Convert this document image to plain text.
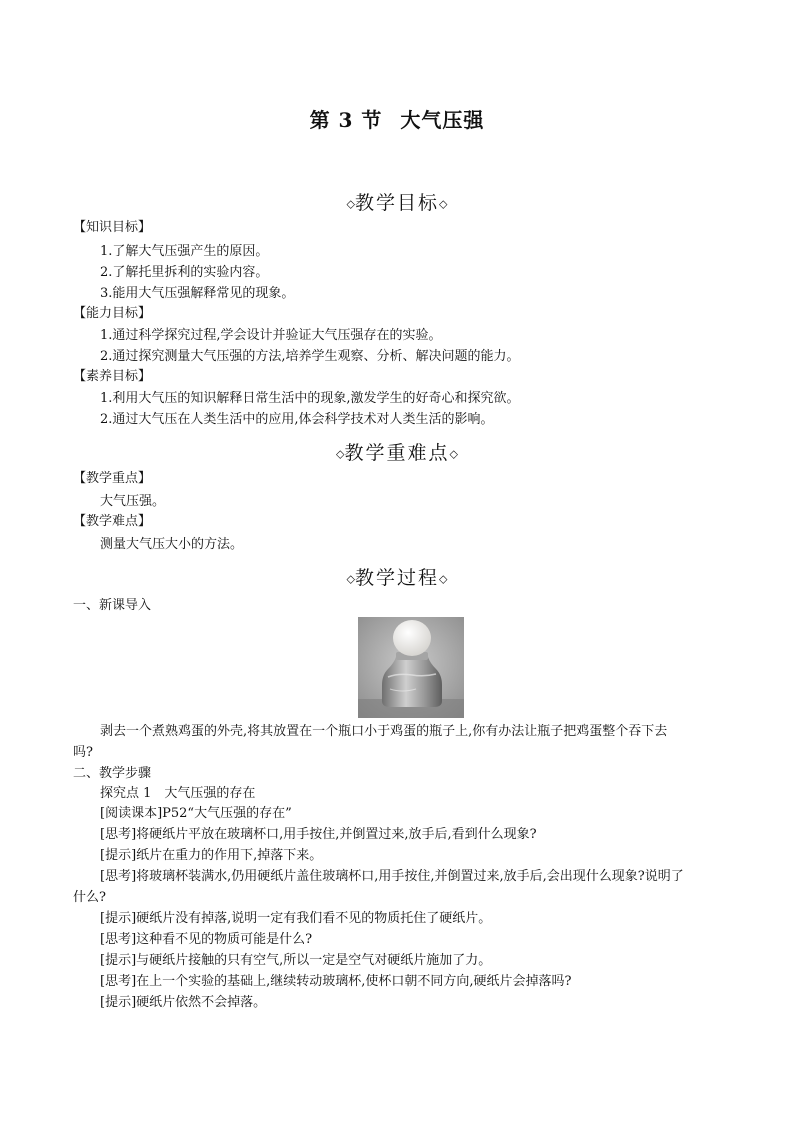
第 3 节 大气压强
◇教学目标◇
【知识目标】
1.了解大气压强产生的原因。
2.了解托里拆利的实验内容。
3.能用大气压强解释常见的现象。
【能力目标】
1.通过科学探究过程,学会设计并验证大气压强存在的实验。
2.通过探究测量大气压强的方法,培养学生观察、分析、解决问题的能力。
【素养目标】
1.利用大气压的知识解释日常生活中的现象,激发学生的好奇心和探究欲。
2.通过大气压在人类生活中的应用,体会科学技术对人类生活的影响。
◇教学重难点◇
【教学重点】
大气压强。
【教学难点】
测量大气压大小的方法。
◇教学过程◇
一、新课导入
剥去一个煮熟鸡蛋的外壳,将其放置在一个瓶口小于鸡蛋的瓶子上,你有办法让瓶子把鸡蛋整个吞下去
吗?
二、教学步骤
探究点 1　大气压强的存在
[阅读课本]P52“大气压强的存在”
[思考]将硬纸片平放在玻璃杯口,用手按住,并倒置过来,放手后,看到什么现象?
[提示]纸片在重力的作用下,掉落下来。
[思考]将玻璃杯装满水,仍用硬纸片盖住玻璃杯口,用手按住,并倒置过来,放手后,会出现什么现象?说明了
什么?
[提示]硬纸片没有掉落,说明一定有我们看不见的物质托住了硬纸片。
[思考]这种看不见的物质可能是什么?
[提示]与硬纸片接触的只有空气,所以一定是空气对硬纸片施加了力。
[思考]在上一个实验的基础上,继续转动玻璃杯,使杯口朝不同方向,硬纸片会掉落吗?
[提示]硬纸片依然不会掉落。
